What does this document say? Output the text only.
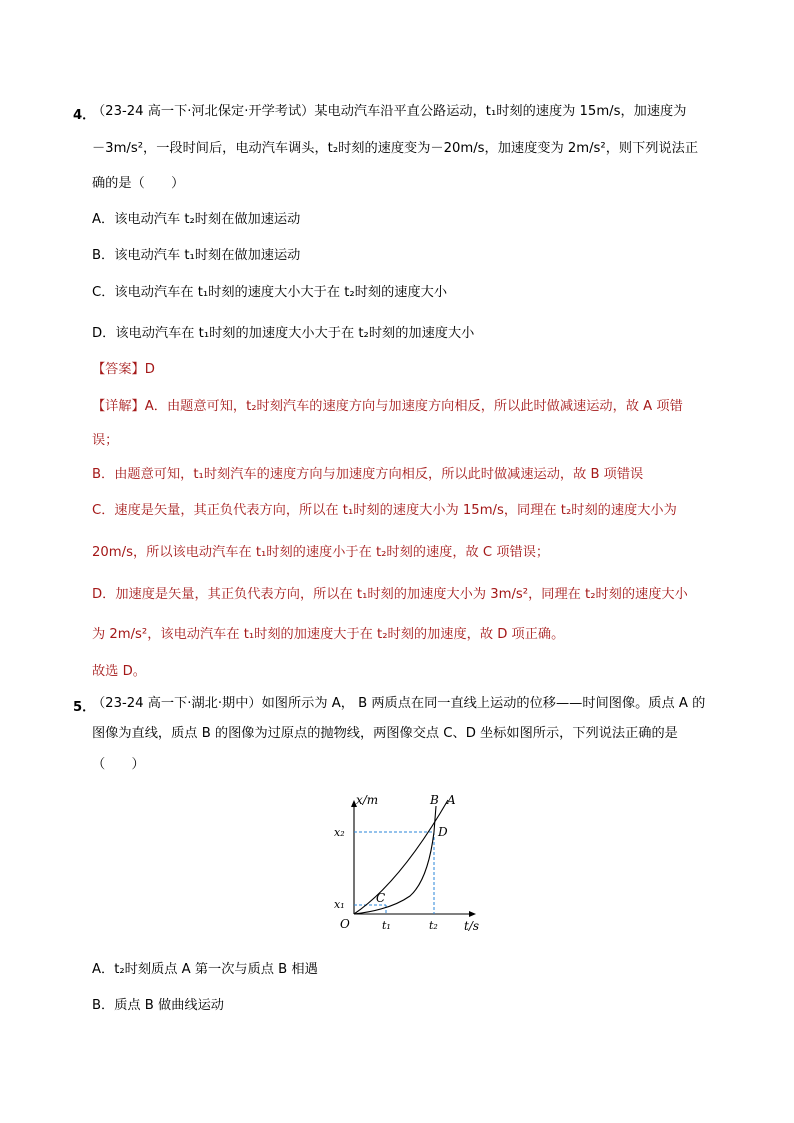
4．
（23-24 高一下·河北保定·开学考试）某电动汽车沿平直公路运动，t₁时刻的速度为 15m/s，加速度为
－3m/s²，一段时间后，电动汽车调头，t₂时刻的速度变为－20m/s，加速度变为 2m/s²，则下列说法正
确的是（　　）
A．该电动汽车 t₂时刻在做加速运动
B．该电动汽车 t₁时刻在做加速运动
C．该电动汽车在 t₁时刻的速度大小大于在 t₂时刻的速度大小
D．该电动汽车在 t₁时刻的加速度大小大于在 t₂时刻的加速度大小
【答案】D
【详解】A．由题意可知，t₂时刻汽车的速度方向与加速度方向相反，所以此时做减速运动，故 A 项错
误；
B．由题意可知，t₁时刻汽车的速度方向与加速度方向相反，所以此时做减速运动，故 B 项错误
C．速度是矢量，其正负代表方向，所以在 t₁时刻的速度大小为 15m/s，同理在 t₂时刻的速度大小为
20m/s，所以该电动汽车在 t₁时刻的速度小于在 t₂时刻的速度，故 C 项错误；
D．加速度是矢量，其正负代表方向，所以在 t₁时刻的加速度大小为 3m/s²，同理在 t₂时刻的速度大小
为 2m/s²，该电动汽车在 t₁时刻的加速度大于在 t₂时刻的加速度，故 D 项正确。
故选 D。
5．
（23-24 高一下·湖北·期中）如图所示为 A， B 两质点在同一直线上运动的位移——时间图像。质点 A 的
图像为直线，质点 B 的图像为过原点的抛物线，两图像交点 C、D 坐标如图所示，下列说法正确的是
（　　）
x/m
t/s
O
x₂
x₁
t₁	t₂
C
D
B A
A．t₂时刻质点 A 第一次与质点 B 相遇
B．质点 B 做曲线运动
